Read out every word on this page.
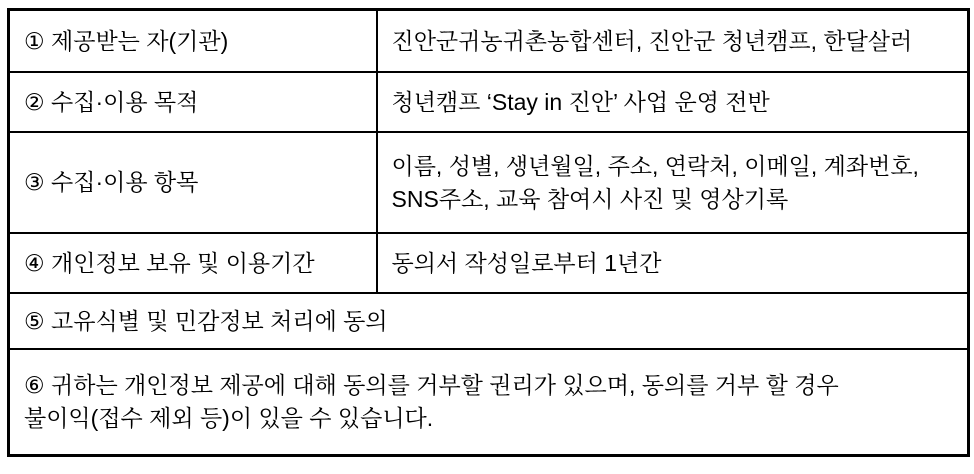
① 제공받는 자(기관)	진안군귀농귀촌농합센터, 진안군 청년캠프, 한달살러
② 수집·이용 목적	청년캠프 ‘Stay in 진안’ 사업 운영 전반
③ 수집·이용 항목	이름, 성별, 생년월일, 주소, 연락처, 이메일, 계좌번호,
SNS주소, 교육 참여시 사진 및 영상기록

④ 개인정보 보유 및 이용기간	동의서 작성일로부터 1년간
⑤ 고유식별 및 민감정보 처리에 동의	

⑥ 귀하는 개인정보 제공에 대해 동의를 거부할 권리가 있으며, 동의를 거부 할 경우
불이익(접수 제외 등)이 있을 수 있습니다.	
